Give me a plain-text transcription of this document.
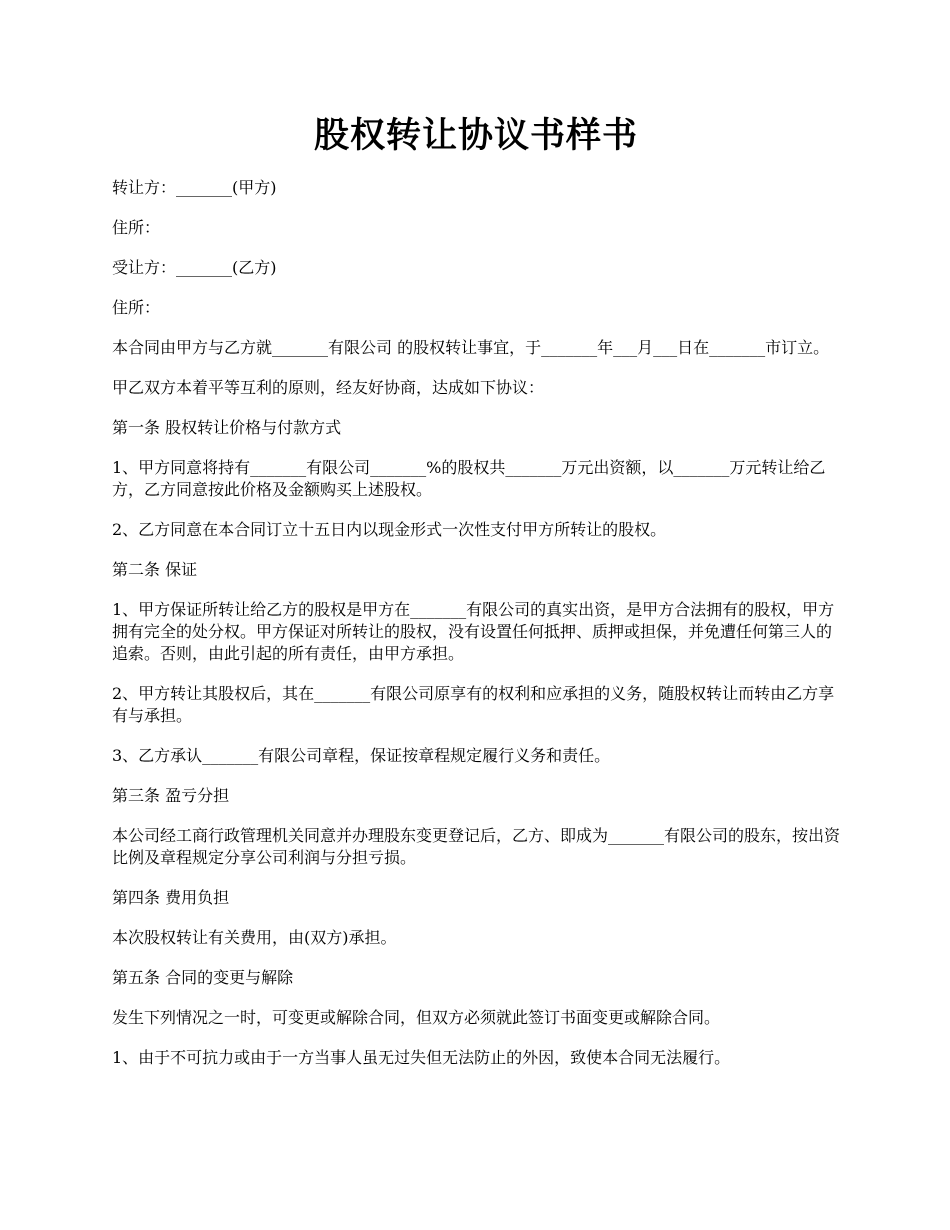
股权转让协议书样书

转让方：_______(甲方)

住所：

受让方：_______(乙方)

住所：

本合同由甲方与乙方就_______有限公司 的股权转让事宜，于_______年___月___日在_______市订立。

甲乙双方本着平等互利的原则，经友好协商，达成如下协议：

第一条 股权转让价格与付款方式

1、甲方同意将持有_______有限公司_______%的股权共_______万元出资额，以_______万元转让给乙方，乙方同意按此价格及金额购买上述股权。

2、乙方同意在本合同订立十五日内以现金形式一次性支付甲方所转让的股权。

第二条 保证

1、甲方保证所转让给乙方的股权是甲方在_______有限公司的真实出资，是甲方合法拥有的股权，甲方拥有完全的处分权。甲方保证对所转让的股权，没有设置任何抵押、质押或担保，并免遭任何第三人的追索。否则，由此引起的所有责任，由甲方承担。

2、甲方转让其股权后，其在_______有限公司原享有的权利和应承担的义务，随股权转让而转由乙方享有与承担。

3、乙方承认_______有限公司章程，保证按章程规定履行义务和责任。

第三条 盈亏分担

本公司经工商行政管理机关同意并办理股东变更登记后，乙方、即成为_______有限公司的股东，按出资比例及章程规定分享公司利润与分担亏损。

第四条 费用负担

本次股权转让有关费用，由(双方)承担。

第五条 合同的变更与解除

发生下列情况之一时，可变更或解除合同，但双方必须就此签订书面变更或解除合同。

1、由于不可抗力或由于一方当事人虽无过失但无法防止的外因，致使本合同无法履行。
